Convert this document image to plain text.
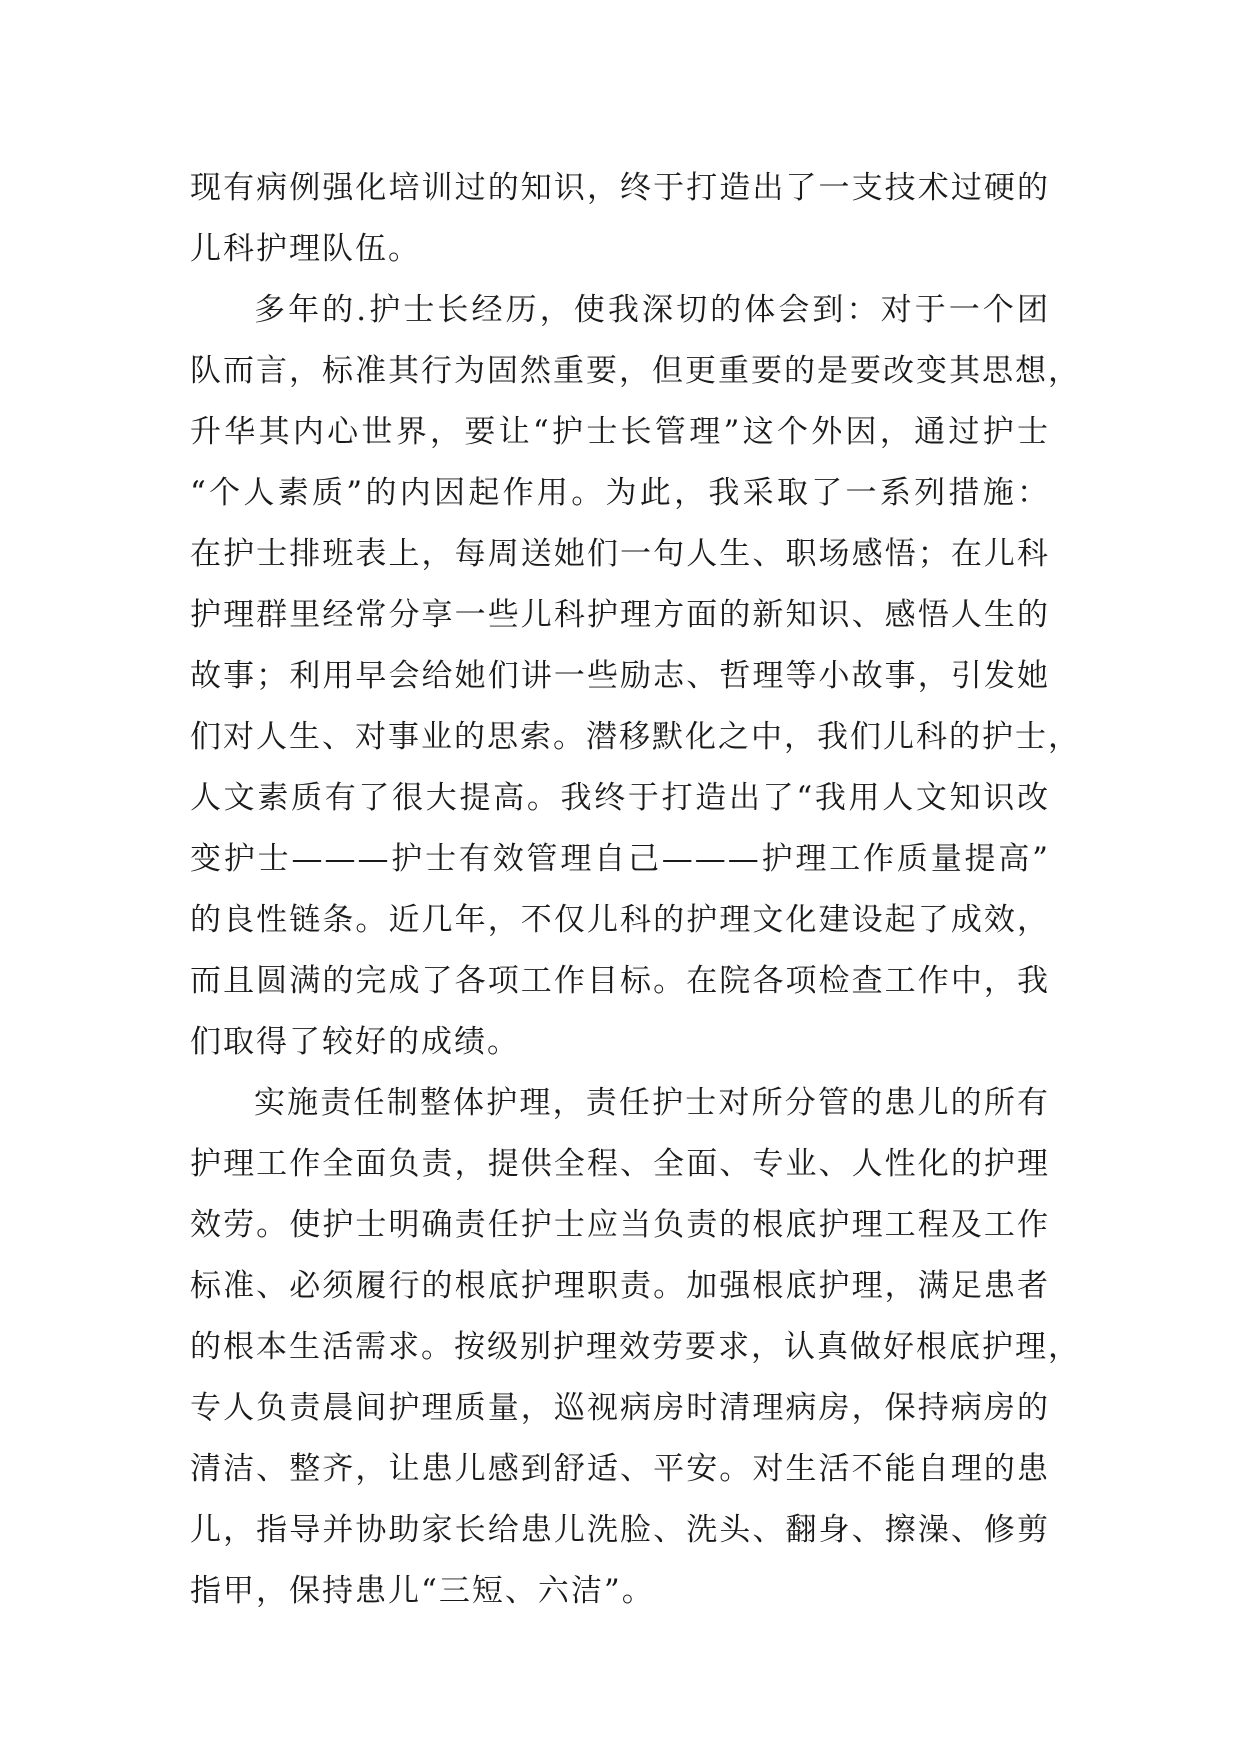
现有病例强化培训过的知识，终于打造出了一支技术过硬的
儿科护理队伍。
多年的.护士长经历，使我深切的体会到：对于一个团
队而言，标准其行为固然重要，但更重要的是要改变其思想，
升华其内心世界，要让“护士长管理”这个外因，通过护士
“个人素质”的内因起作用。为此，我采取了一系列措施：
在护士排班表上，每周送她们一句人生、职场感悟；在儿科
护理群里经常分享一些儿科护理方面的新知识、感悟人生的
故事；利用早会给她们讲一些励志、哲理等小故事，引发她
们对人生、对事业的思索。潜移默化之中，我们儿科的护士，
人文素质有了很大提高。我终于打造出了“我用人文知识改
变护士———护士有效管理自己———护理工作质量提高”
的良性链条。近几年，不仅儿科的护理文化建设起了成效，
而且圆满的完成了各项工作目标。在院各项检查工作中，我
们取得了较好的成绩。
实施责任制整体护理，责任护士对所分管的患儿的所有
护理工作全面负责，提供全程、全面、专业、人性化的护理
效劳。使护士明确责任护士应当负责的根底护理工程及工作
标准、必须履行的根底护理职责。加强根底护理，满足患者
的根本生活需求。按级别护理效劳要求，认真做好根底护理，
专人负责晨间护理质量，巡视病房时清理病房，保持病房的
清洁、整齐，让患儿感到舒适、平安。对生活不能自理的患
儿，指导并协助家长给患儿洗脸、洗头、翻身、擦澡、修剪
指甲，保持患儿“三短、六洁”。
